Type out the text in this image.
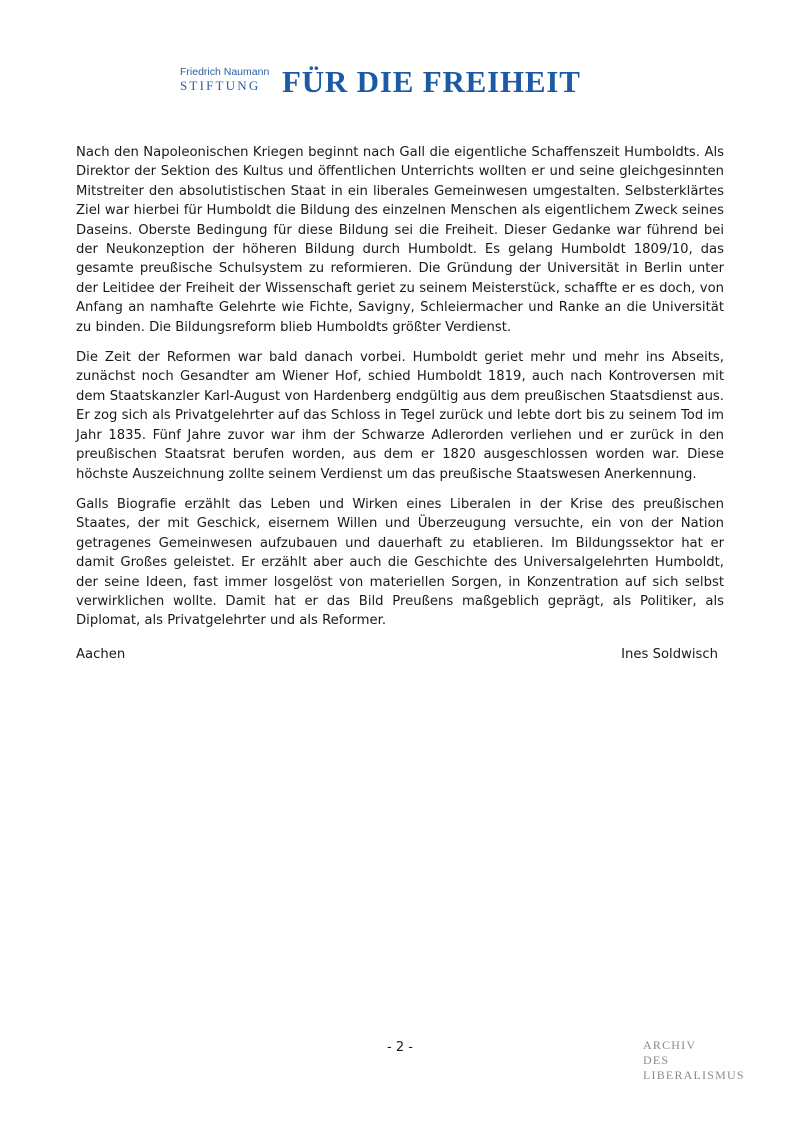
Friedrich Naumann
STIFTUNG FÜR DIE FREIHEIT

Nach den Napoleonischen Kriegen beginnt nach Gall die eigentliche Schaffenszeit Humboldts. Als Direktor der Sektion des Kultus und öffentlichen Unterrichts wollten er und seine gleichgesinnten Mitstreiter den absolutistischen Staat in ein liberales Gemeinwesen umgestalten. Selbsterklärtes Ziel war hierbei für Humboldt die Bildung des einzelnen Menschen als eigentlichem Zweck seines Daseins. Oberste Bedingung für diese Bildung sei die Freiheit. Dieser Gedanke war führend bei der Neukonzeption der höheren Bildung durch Humboldt. Es gelang Humboldt 1809/10, das gesamte preußische Schulsystem zu reformieren. Die Gründung der Universität in Berlin unter der Leitidee der Freiheit der Wissenschaft geriet zu seinem Meisterstück, schaffte er es doch, von Anfang an namhafte Gelehrte wie Fichte, Savigny, Schleiermacher und Ranke an die Universität zu binden. Die Bildungsreform blieb Humboldts größter Verdienst.

Die Zeit der Reformen war bald danach vorbei. Humboldt geriet mehr und mehr ins Abseits, zunächst noch Gesandter am Wiener Hof, schied Humboldt 1819, auch nach Kontroversen mit dem Staatskanzler Karl-August von Hardenberg endgültig aus dem preußischen Staatsdienst aus. Er zog sich als Privatgelehrter auf das Schloss in Tegel zurück und lebte dort bis zu seinem Tod im Jahr 1835. Fünf Jahre zuvor war ihm der Schwarze Adlerorden verliehen und er zurück in den preußischen Staatsrat berufen worden, aus dem er 1820 ausgeschlossen worden war. Diese höchste Auszeichnung zollte seinem Verdienst um das preußische Staatswesen Anerkennung.

Galls Biografie erzählt das Leben und Wirken eines Liberalen in der Krise des preußischen Staates, der mit Geschick, eisernem Willen und Überzeugung versuchte, ein von der Nation getragenes Gemeinwesen aufzubauen und dauerhaft zu etablieren. Im Bildungssektor hat er damit Großes geleistet. Er erzählt aber auch die Geschichte des Universalgelehrten Humboldt, der seine Ideen, fast immer losgelöst von materiellen Sorgen, in Konzentration auf sich selbst verwirklichen wollte. Damit hat er das Bild Preußens maßgeblich geprägt, als Politiker, als Diplomat, als Privatgelehrter und als Reformer.

Aachen	Ines Soldwisch
- 2 -	ARCHIV
DES
LIBERALISMUS
